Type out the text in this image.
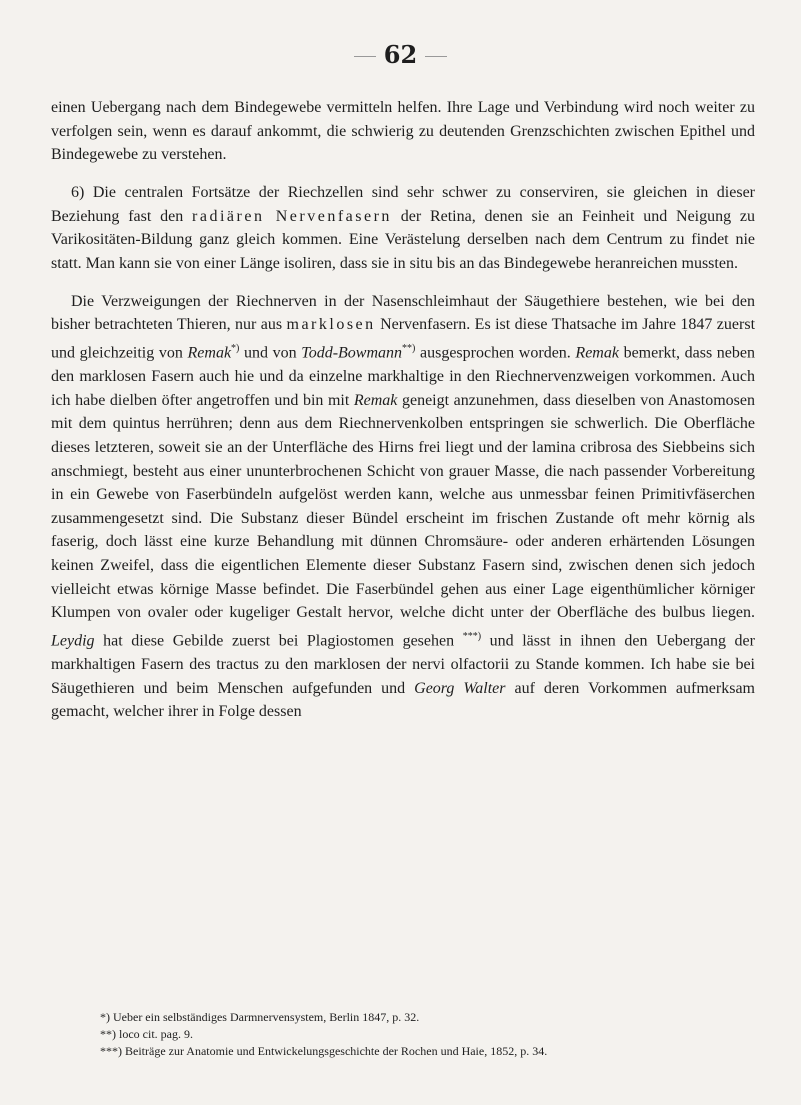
62

einen Uebergang nach dem Bindegewebe vermitteln helfen. Ihre Lage und Verbindung wird noch weiter zu verfolgen sein, wenn es darauf ankommt, die schwierig zu deutenden Grenzschichten zwischen Epithel und Bindegewebe zu verstehen.

6) Die centralen Fortsätze der Riechzellen sind sehr schwer zu conserviren, sie gleichen in dieser Beziehung fast den radiären Nervenfasern der Retina, denen sie an Feinheit und Neigung zu Varikositäten-Bildung ganz gleich kommen. Eine Verästelung derselben nach dem Centrum zu findet nie statt. Man kann sie von einer Länge isoliren, dass sie in situ bis an das Bindegewebe heranreichen mussten.

Die Verzweigungen der Riechnerven in der Nasenschleimhaut der Säugethiere bestehen, wie bei den bisher betrachteten Thieren, nur aus marklosen Nervenfasern. Es ist diese Thatsache im Jahre 1847 zuerst und gleichzeitig von Remak*) und von Todd-Bowmann**) ausgesprochen worden. Remak bemerkt, dass neben den marklosen Fasern auch hie und da einzelne markhaltige in den Riechnervenzweigen vorkommen. Auch ich habe dielben öfter angetroffen und bin mit Remak geneigt anzunehmen, dass dieselben von Anastomosen mit dem quintus herrühren; denn aus dem Riechnervenkolben entspringen sie schwerlich. Die Oberfläche dieses letzteren, soweit sie an der Unterfläche des Hirns frei liegt und der lamina cribrosa des Siebbeins sich anschmiegt, besteht aus einer ununterbrochenen Schicht von grauer Masse, die nach passender Vorbereitung in ein Gewebe von Faserbündeln aufgelöst werden kann, welche aus unmessbar feinen Primitivfäserchen zusammengesetzt sind. Die Substanz dieser Bündel erscheint im frischen Zustande oft mehr körnig als faserig, doch lässt eine kurze Behandlung mit dünnen Chromsäure- oder anderen erhärtenden Lösungen keinen Zweifel, dass die eigentlichen Elemente dieser Substanz Fasern sind, zwischen denen sich jedoch vielleicht etwas körnige Masse befindet. Die Faserbündel gehen aus einer Lage eigenthümlicher körniger Klumpen von ovaler oder kugeliger Gestalt hervor, welche dicht unter der Oberfläche des bulbus liegen. Leydig hat diese Gebilde zuerst bei Plagiostomen gesehen ***) und lässt in ihnen den Uebergang der markhaltigen Fasern des tractus zu den marklosen der nervi olfactorii zu Stande kommen. Ich habe sie bei Säugethieren und beim Menschen aufgefunden und Georg Walter auf deren Vorkommen aufmerksam gemacht, welcher ihrer in Folge dessen

*) Ueber ein selbständiges Darmnervensystem, Berlin 1847, p. 32.
**) loco cit. pag. 9.
***) Beiträge zur Anatomie und Entwickelungsgeschichte der Rochen und Haie, 1852, p. 34.
